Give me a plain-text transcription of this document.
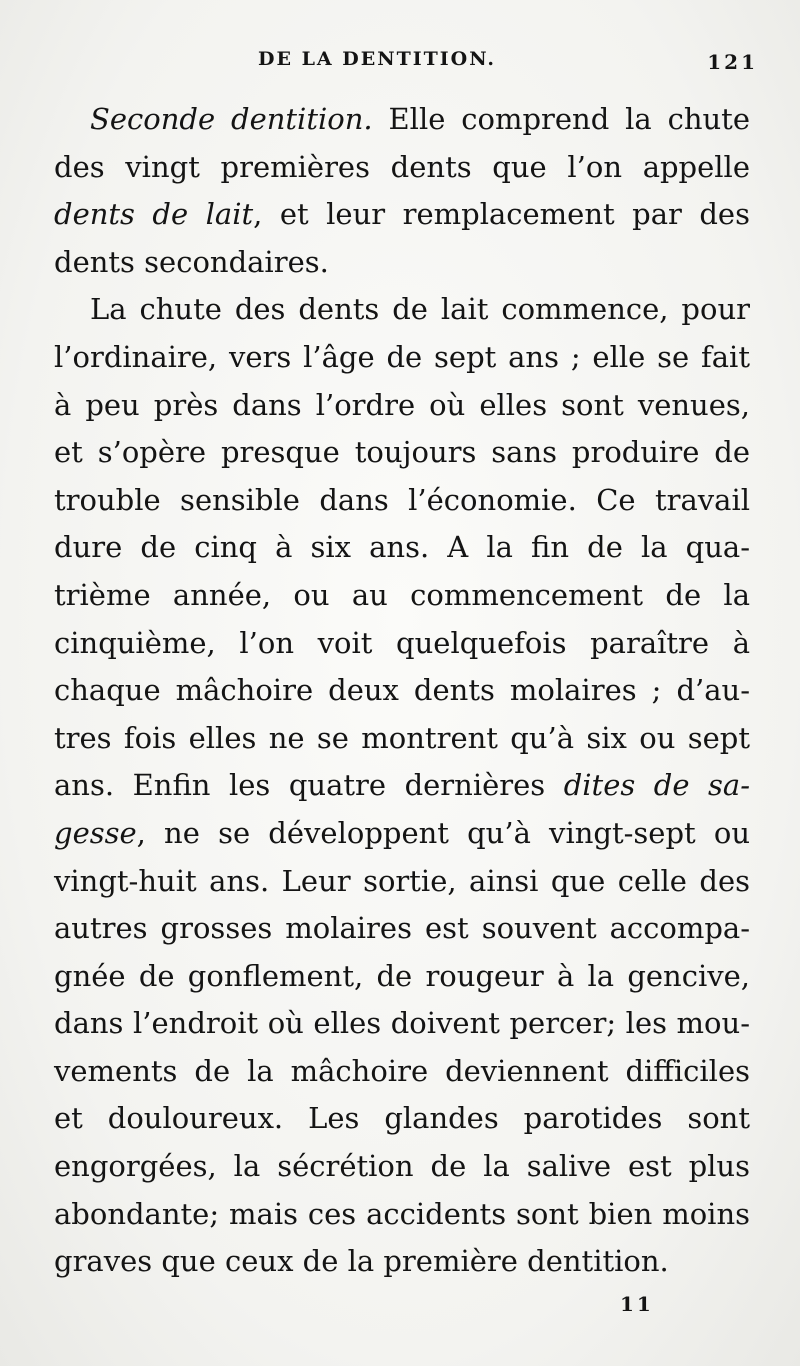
DE LA DENTITION.	121
Seconde dentition. Elle comprend la chute
des vingt premières dents que l’on appelle
dents de lait, et leur remplacement par des
dents secondaires.
La chute des dents de lait commence, pour
l’ordinaire, vers l’âge de sept ans ; elle se fait
à peu près dans l’ordre où elles sont venues,
et s’opère presque toujours sans produire de
trouble sensible dans l’économie. Ce travail
dure de cinq à six ans. A la fin de la qua-
trième année, ou au commencement de la
cinquième, l’on voit quelquefois paraître à
chaque mâchoire deux dents molaires ; d’au-
tres fois elles ne se montrent qu’à six ou sept
ans. Enfin les quatre dernières dites de sa-
gesse, ne se développent qu’à vingt-sept ou
vingt-huit ans. Leur sortie, ainsi que celle des
autres grosses molaires est souvent accompa-
gnée de gonflement, de rougeur à la gencive,
dans l’endroit où elles doivent percer; les mou-
vements de la mâchoire deviennent difficiles
et douloureux. Les glandes parotides sont
engorgées, la sécrétion de la salive est plus
abondante; mais ces accidents sont bien moins
graves que ceux de la première dentition.
11
